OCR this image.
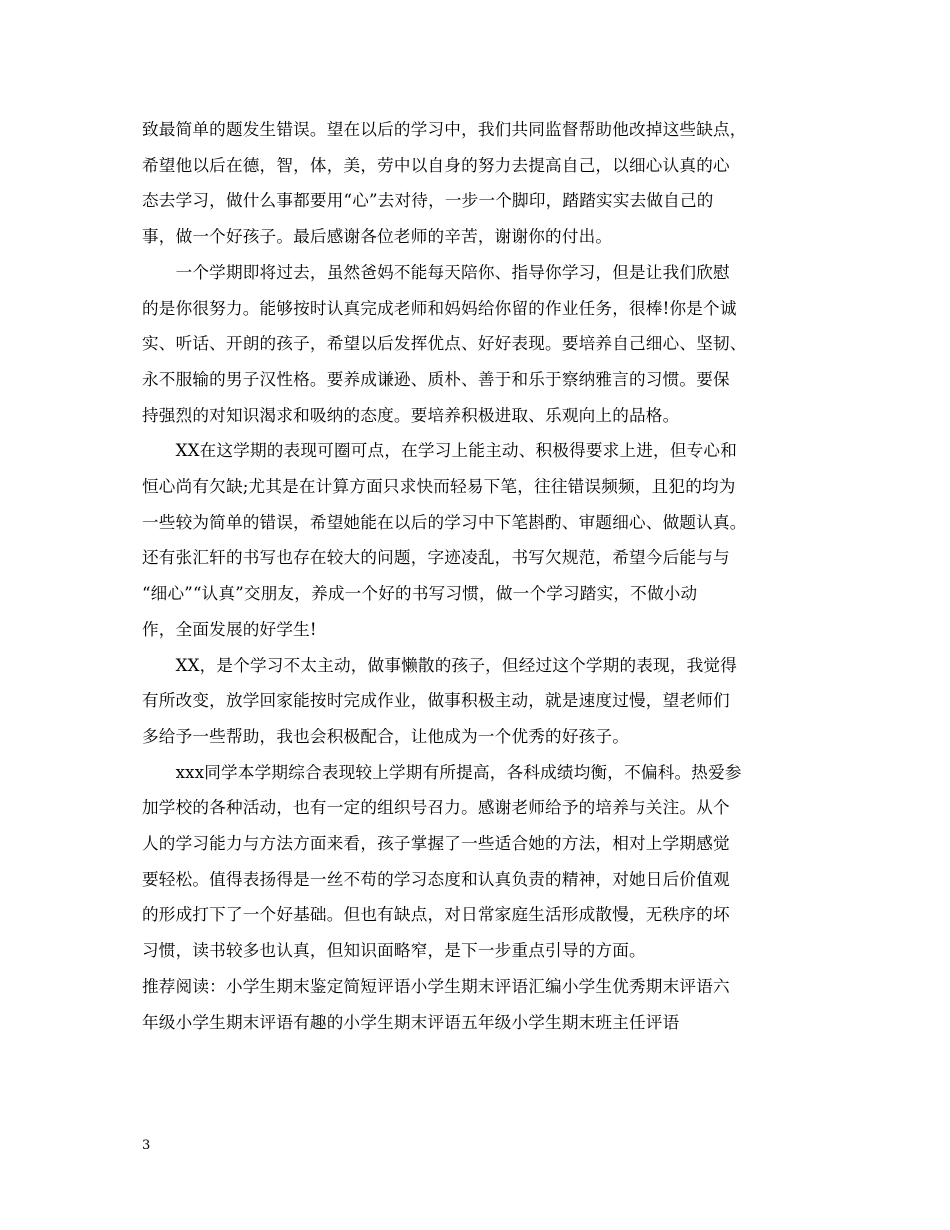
致最简单的题发生错误。望在以后的学习中，我们共同监督帮助他改掉这些缺点，
希望他以后在德，智，体，美，劳中以自身的努力去提高自己，以细心认真的心
态去学习，做什么事都要用“心”去对待，一步一个脚印，踏踏实实去做自己的
事，做一个好孩子。最后感谢各位老师的辛苦，谢谢你的付出。

　　一个学期即将过去，虽然爸妈不能每天陪你、指导你学习，但是让我们欣慰
的是你很努力。能够按时认真完成老师和妈妈给你留的作业任务，很棒!你是个诚
实、听话、开朗的孩子，希望以后发挥优点、好好表现。要培养自己细心、坚韧、
永不服输的男子汉性格。要养成谦逊、质朴、善于和乐于察纳雅言的习惯。要保
持强烈的对知识渴求和吸纳的态度。要培养积极进取、乐观向上的品格。

　　XX在这学期的表现可圈可点，在学习上能主动、积极得要求上进，但专心和
恒心尚有欠缺;尤其是在计算方面只求快而轻易下笔，往往错误频频，且犯的均为
一些较为简单的错误，希望她能在以后的学习中下笔斟酌、审题细心、做题认真。
还有张汇轩的书写也存在较大的问题，字迹凌乱，书写欠规范，希望今后能与与
“细心”“认真”交朋友，养成一个好的书写习惯，做一个学习踏实，不做小动
作，全面发展的好学生!

　　XX，是个学习不太主动，做事懒散的孩子，但经过这个学期的表现，我觉得
有所改变，放学回家能按时完成作业，做事积极主动，就是速度过慢，望老师们
多给予一些帮助，我也会积极配合，让他成为一个优秀的好孩子。

　　xxx同学本学期综合表现较上学期有所提高，各科成绩均衡，不偏科。热爱参
加学校的各种活动，也有一定的组织号召力。感谢老师给予的培养与关注。从个
人的学习能力与方法方面来看，孩子掌握了一些适合她的方法，相对上学期感觉
要轻松。值得表扬得是一丝不苟的学习态度和认真负责的精神，对她日后价值观
的形成打下了一个好基础。但也有缺点，对日常家庭生活形成散慢，无秩序的坏
习惯，读书较多也认真，但知识面略窄，是下一步重点引导的方面。

推荐阅读：小学生期末鉴定简短评语小学生期末评语汇编小学生优秀期末评语六
年级小学生期末评语有趣的小学生期末评语五年级小学生期末班主任评语

3
